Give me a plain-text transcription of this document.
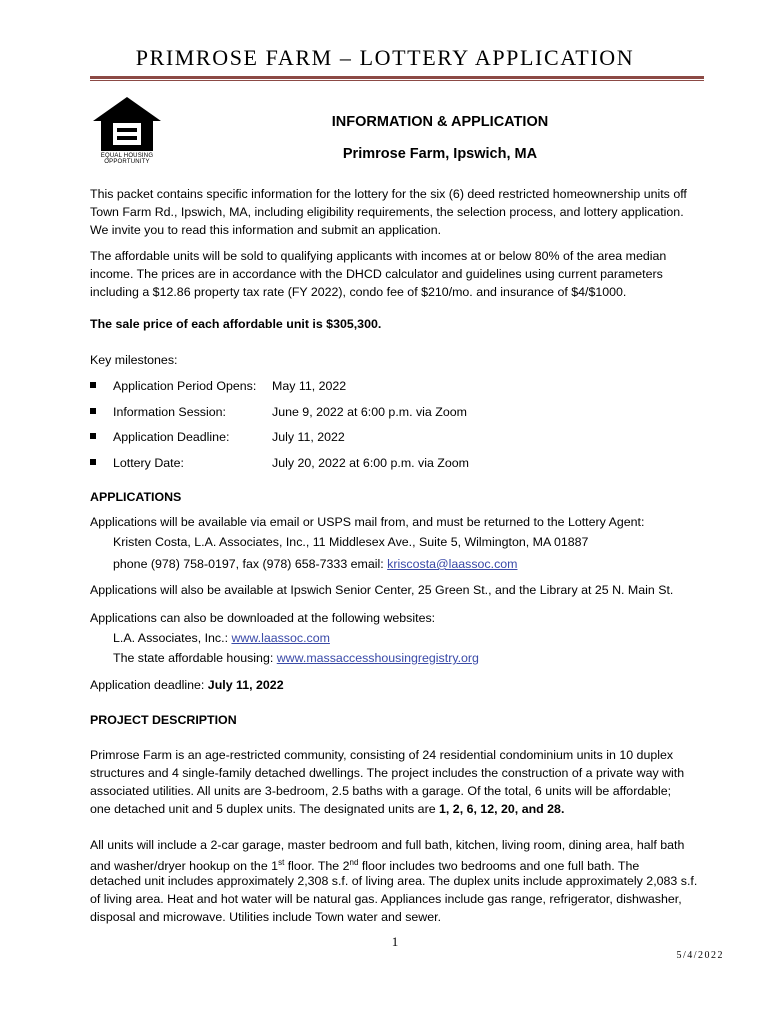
PRIMROSE FARM – LOTTERY APPLICATION
EQUAL HOUSING
OPPORTUNITY
INFORMATION & APPLICATION
Primrose Farm, Ipswich, MA
This packet contains specific information for the lottery for the six (6) deed restricted homeownership units off
Town Farm Rd., Ipswich, MA, including eligibility requirements, the selection process, and lottery application.
We invite you to read this information and submit an application.
The affordable units will be sold to qualifying applicants with incomes at or below 80% of the area median
income. The prices are in accordance with the DHCD calculator and guidelines using current parameters
including a $12.86 property tax rate (FY 2022), condo fee of $210/mo. and insurance of $4/$1000.
The sale price of each affordable unit is $305,300.
Key milestones:
Application Period Opens: May 11, 2022
Information Session:	June 9, 2022 at 6:00 p.m. via Zoom
Application Deadline:	July 11, 2022
Lottery Date:	July 20, 2022 at 6:00 p.m. via Zoom
APPLICATIONS
Applications will be available via email or USPS mail from, and must be returned to the Lottery Agent:
Kristen Costa, L.A. Associates, Inc., 11 Middlesex Ave., Suite 5, Wilmington, MA 01887
phone (978) 758-0197, fax (978) 658-7333 email: kriscosta@laassoc.com
Applications will also be available at Ipswich Senior Center, 25 Green St., and the Library at 25 N. Main St.
Applications can also be downloaded at the following websites:
L.A. Associates, Inc.: www.laassoc.com
The state affordable housing: www.massaccesshousingregistry.org
Application deadline: July 11, 2022
PROJECT DESCRIPTION
Primrose Farm is an age-restricted community, consisting of 24 residential condominium units in 10 duplex
structures and 4 single-family detached dwellings. The project includes the construction of a private way with
associated utilities. All units are 3-bedroom, 2.5 baths with a garage. Of the total, 6 units will be affordable;
one detached unit and 5 duplex units. The designated units are 1, 2, 6, 12, 20, and 28.
All units will include a 2-car garage, master bedroom and full bath, kitchen, living room, dining area, half bath
and washer/dryer hookup on the 1st floor. The 2nd floor includes two bedrooms and one full bath. The
detached unit includes approximately 2,308 s.f. of living area. The duplex units include approximately 2,083 s.f.
of living area. Heat and hot water will be natural gas. Appliances include gas range, refrigerator, dishwasher,
disposal and microwave. Utilities include Town water and sewer.
1
5/4/2022
